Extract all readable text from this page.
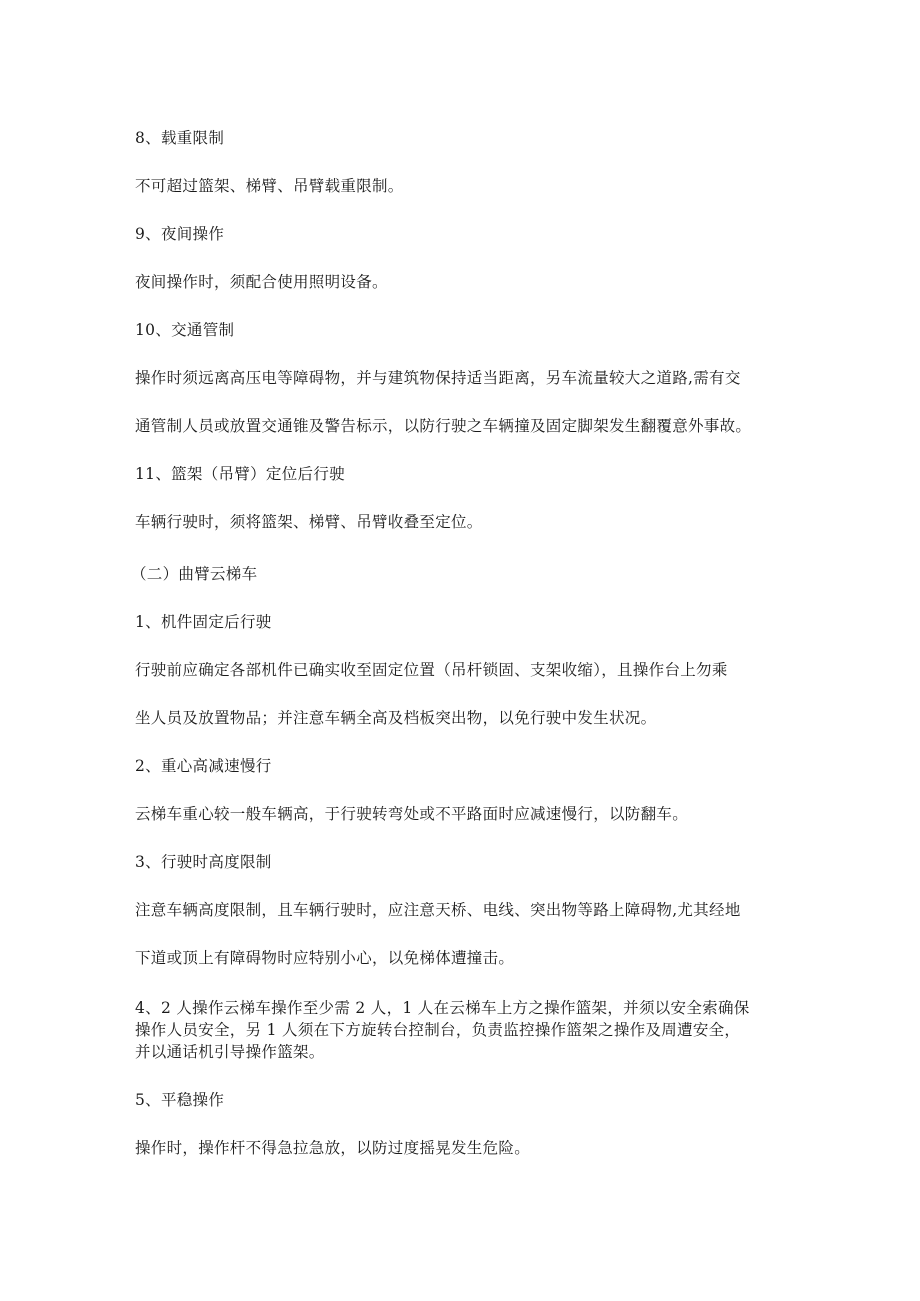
8、载重限制
不可超过篮架、梯臂、吊臂载重限制。
9、夜间操作
夜间操作时，须配合使用照明设备。
10、交通管制
操作时须远离高压电等障碍物，并与建筑物保持适当距离，另车流量较大之道路,需有交
通管制人员或放置交通锥及警告标示，以防行驶之车辆撞及固定脚架发生翻覆意外事故。
11、篮架（吊臂）定位后行驶
车辆行驶时，须将篮架、梯臂、吊臂收叠至定位。
（二）曲臂云梯车
1、机件固定后行驶
行驶前应确定各部机件已确实收至固定位置（吊杆锁固、支架收缩），且操作台上勿乘
坐人员及放置物品；并注意车辆全高及档板突出物，以免行驶中发生状况。
2、重心高减速慢行
云梯车重心较一般车辆高，于行驶转弯处或不平路面时应减速慢行，以防翻车。
3、行驶时高度限制
注意车辆高度限制，且车辆行驶时，应注意天桥、电线、突出物等路上障碍物,尤其经地
下道或顶上有障碍物时应特别小心，以免梯体遭撞击。
4、2 人操作云梯车操作至少需 2 人，1 人在云梯车上方之操作篮架，并须以安全索确保
操作人员安全，另 1 人须在下方旋转台控制台，负责监控操作篮架之操作及周遭安全，
并以通话机引导操作篮架。
5、平稳操作
操作时，操作杆不得急拉急放，以防过度摇晃发生危险。
